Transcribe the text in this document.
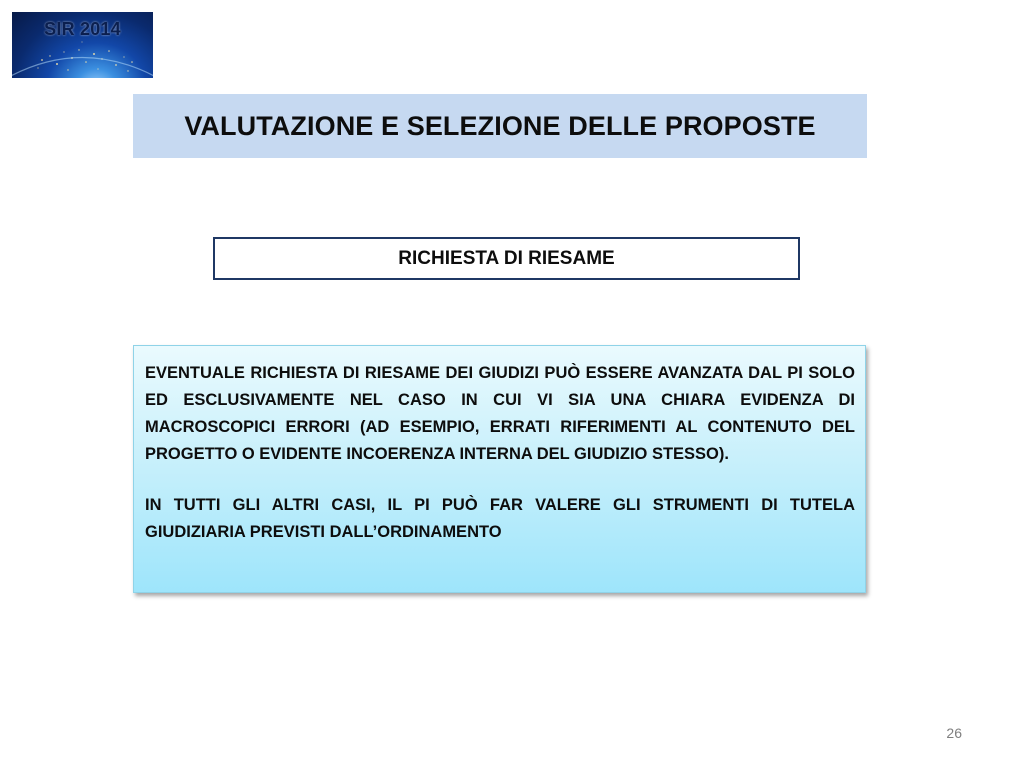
SIR 2014
VALUTAZIONE E SELEZIONE DELLE PROPOSTE
RICHIESTA DI RIESAME

EVENTUALE RICHIESTA DI RIESAME DEI GIUDIZI PUÒ ESSERE AVANZATA DAL PI SOLO ED ESCLUSIVAMENTE NEL CASO IN CUI VI SIA UNA CHIARA EVIDENZA DI MACROSCOPICI ERRORI (AD ESEMPIO, ERRATI RIFERIMENTI AL CONTENUTO DEL PROGETTO O EVIDENTE INCOERENZA INTERNA DEL GIUDIZIO STESSO).

IN TUTTI GLI ALTRI CASI, IL PI PUÒ FAR VALERE GLI STRUMENTI DI TUTELA GIUDIZIARIA PREVISTI DALL’ORDINAMENTO

26
